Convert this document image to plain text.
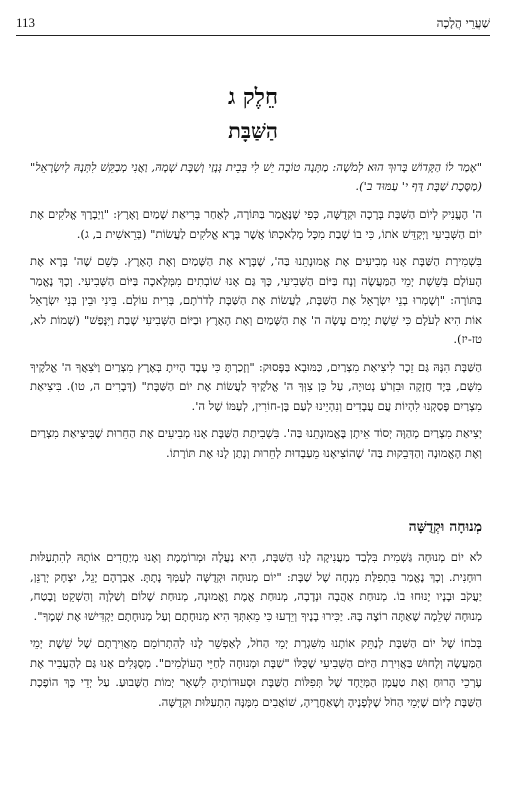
113	שַׁעֲרֵי הֲלָכָה
חֵלֶק ג
הַשַּׁבָּת
"אָמַר לוֹ הַקָּדוֹשׁ בָּרוּךְ הוּא לְמֹשֶׁה: מַתָּנָה טוֹבָה יֵשׁ לִי בְּבֵית גְּנָזַי וְשַׁבָּת שְׁמָהּ, וַאֲנִי מְבַקֵּשׁ לִתְּנָהּ לְיִשְׂרָאֵל" (מַסֶּכֶת שַׁבָּת דַּף י' עַמּוּד ב').

ה' הֶעֱנִיק לְיוֹם הַשַּׁבָּת בְּרָכָה וּקְדֻשָּׁה, כְּפִי שֶׁנֶּאֱמַר בַּתּוֹרָה, לְאַחַר בְּרִיאַת שָׁמַיִם וָאָרֶץ: "וַיְבָרֶךְ אֱלֹקִים אֶת יוֹם הַשְּׁבִיעִי וַיְקַדֵּשׁ אֹתוֹ, כִּי בוֹ שָׁבַת מִכָּל מְלַאכְתּוֹ אֲשֶׁר בָּרָא אֱלֹקִים לַעֲשׂוֹת" (בְּרֵאשִׁית ב, ג).

בִּשְׁמִירַת הַשַּׁבָּת אָנוּ מְבִיעִים אֶת אֱמוּנָתֵנוּ בַּה', שֶׁבָּרָא אֶת הַשָּׁמַיִם וְאֶת הָאָרֶץ. כְּשֵׁם שֶׁה' בָּרָא אֶת הָעוֹלָם בְּשֵׁשֶׁת יְמֵי הַמַּעֲשֶׂה וְנָח בַּיּוֹם הַשְּׁבִיעִי, כָּךְ גַּם אָנוּ שׁוֹבְתִים מִמְּלָאכָה בַּיּוֹם הַשְּׁבִיעִי. וְכָךְ נֶאֱמַר בַּתּוֹרָה: "וְשָׁמְרוּ בְנֵי יִשְׂרָאֵל אֶת הַשַּׁבָּת, לַעֲשׂוֹת אֶת הַשַּׁבָּת לְדֹרֹתָם, בְּרִית עוֹלָם. בֵּינִי וּבֵין בְּנֵי יִשְׂרָאֵל אוֹת הִיא לְעֹלָם כִּי שֵׁשֶׁת יָמִים עָשָׂה ה' אֶת הַשָּׁמַיִם וְאֶת הָאָרֶץ וּבַיּוֹם הַשְּׁבִיעִי שָׁבַת וַיִּנָּפַשׁ" (שְׁמוֹת לא, טז-יז).

הַשַּׁבָּת הִנָּהּ גַּם זֵכֶר לִיצִיאַת מִצְרַיִם, כַּמּוּבָא בַּפָּסוּק: "וְזָכַרְתָּ כִּי עֶבֶד הָיִיתָ בְּאֶרֶץ מִצְרַיִם וַיֹּצִאֲךָ ה' אֱלֹקֶיךָ מִשָּׁם, בְּיָד חֲזָקָה וּבִזְרֹעַ נְטוּיָה, עַל כֵּן צִוְּךָ ה' אֱלֹקֶיךָ לַעֲשׂוֹת אֶת יוֹם הַשַּׁבָּת" (דְּבָרִים ה, טו). בִּיצִיאַת מִצְרַיִם פָּסַקְנוּ לִהְיוֹת עֲם עֲבָדִים וְנִהְיֵינוּ לְעַם בֶּן-חוֹרִין, לְעַמּוֹ שֶׁל ה'.

יְצִיאַת מִצְרַיִם מְהַוָּה יְסוֹד אֵיתָן בֶּאֱמוּנָתֵנוּ בַּה'. בִּשְׁבִיתַת הַשַּׁבָּת אָנוּ מְבִיעִים אֶת הַחֵרוּת שֶׁבִּיצִיאַת מִצְרַיִם וְאֶת הָאֱמוּנָה וְהַדְּבֵקוּת בַּה' שֶׁהוֹצִיאָנוּ מֵעַבְדוּת לְחֵרוּת וְנָתַן לָנוּ אֶת תּוֹרָתוֹ.

מְנוּחָה וּקְדֻשָּׁה

לֹא יוֹם מְנוּחָה גַּשְׁמִית בִּלְבַד מַעֲנִיקָה לָנוּ הַשַּׁבָּת, הִיא נַעֲלָה וּמְרוֹמֶמֶת וְאָנוּ מְיַחֲדִים אוֹתָהּ לְהִתְעַלּוּת רוּחָנִית. וְכָךְ נֶאֱמַר בִּתְפִלַּת מִנְחָה שֶׁל שַׁבָּת: "יוֹם מְנוּחָה וּקְדֻשָּׁה לְעַמְּךָ נָתָתָּ. אַבְרָהָם יָגֵל, יִצְחָק יְרַנֵּן, יַעֲקֹב וּבָנָיו יָנוּחוּ בוֹ. מְנוּחַת אַהֲבָה וּנְדָבָה, מְנוּחַת אֱמֶת וֶאֱמוּנָה, מְנוּחַת שָׁלוֹם וְשַׁלְוָה וְהַשְׁקֵט וָבֶטַח, מְנוּחָה שְׁלֵמָה שֶׁאַתָּה רוֹצֶה בָּהּ. יַכִּירוּ בָנֶיךָ וְיֵדְעוּ כִּי מֵאִתְּךָ הִיא מְנוּחָתָם וְעַל מְנוּחָתָם יַקְדִּישׁוּ אֶת שְׁמֶךָ".

בְּכֹחוֹ שֶׁל יוֹם הַשַּׁבָּת לְנַתֵּק אוֹתָנוּ מִשִּׁגְרַת יְמֵי הַחֹל, לְאַפְשֵׁר לָנוּ לְהִתְרוֹמֵם מֵאֲוִירָתָם שֶׁל שֵׁשֶׁת יְמֵי הַמַּעֲשֶׂה וְלָחוּשׁ בַּאֲוִירַת הַיּוֹם הַשְּׁבִיעִי שֶׁכֻּלּוֹ "שַׁבָּת וּמְנוּחָה לְחַיֵּי הָעוֹלָמִים". מְסֻגָּלִים אָנוּ גַּם לְהַעֲבִיר אֶת עֶרְכֵי הָרוּחַ וְאֶת טַעֲמָן הַמְּיֻחָד שֶׁל תְּפִלּוֹת הַשַּׁבָּת וּסְעוּדוֹתֶיהָ לִשְׁאָר יְמוֹת הַשָּׁבוּעַ. עַל יְדֵי כָּךְ הוֹפֶכֶת הַשַּׁבָּת לְיוֹם שֶׁיְּמֵי הַחֹל שֶׁלְּפָנֶיהָ וְשֶׁאַחֲרֶיהָ, שׁוֹאֲבִים מִמֶּנָּה הִתְעַלּוּת וּקְדֻשָּׁה.
